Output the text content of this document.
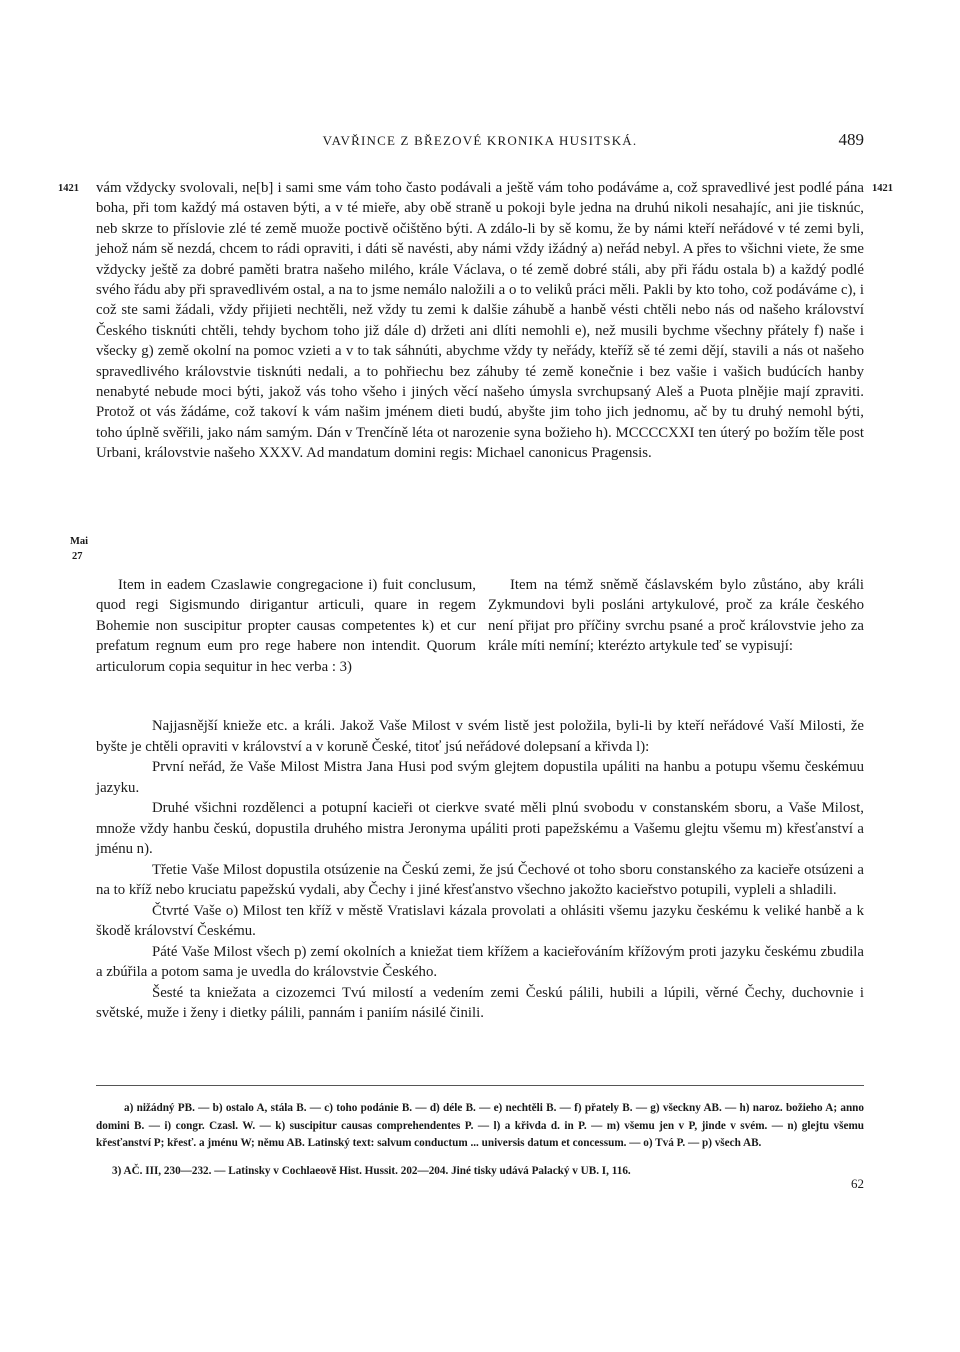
VAVŘINCE Z BŘEZOVÉ KRONIKA HUSITSKÁ.	489
1421	1421
Mai
27

vám vždycky svolovali, ne[b] i sami sme vám toho často podávali a ještě vám toho podáváme a, což spravedlivé jest podlé pána boha, při tom každý má ostaven býti, a v té mieře, aby obě straně u pokoji byle jedna na druhú nikoli nesahajíc, ani jie tisknúc, neb skrze to příslovie zlé té země muože poctivě očištěno býti. A zdálo-li by sě komu, že by námi kteří neřádové v té zemi byli, jehož nám sě nezdá, chcem to rádi opraviti, i dáti sě navésti, aby námi vždy ižádný a) neřád nebyl. A přes to všichni viete, že sme vždycky ještě za dobré paměti bratra našeho milého, krále Václava, o té země dobré stáli, aby při řádu ostala b) a každý podlé svého řádu aby při spravedlivém ostal, a na to jsme nemálo naložili a o to veliků práci měli. Pakli by kto toho, což podáváme c), i což ste sami žádali, vždy přijieti nechtěli, než vždy tu zemi k dalšie záhubě a hanbě vésti chtěli nebo nás od našeho království Českého tisknúti chtěli, tehdy bychom toho již dále d) držeti ani dlíti nemohli e), než musili bychme všechny přátely f) naše i všecky g) země okolní na pomoc vzieti a v to tak sáhnúti, abychme vždy ty neřády, kteříž sě té zemi dějí, stavili a nás ot našeho spravedlivého královstvie tisknúti nedali, a to pohřiechu bez záhuby té země konečnie i bez vašie i vašich budúcích hanby nenabyté nebude moci býti, jakož vás toho všeho i jiných věcí našeho úmysla svrchupsaný Aleš a Puota plnějie mají zpraviti. Protož ot vás žádáme, což takoví k vám našim jménem dieti budú, abyšte jim toho jich jednomu, ač by tu druhý nemohl býti, toho úplně svěřili, jako nám samým. Dán v Trenčíně léta ot narozenie syna božieho h). MCCCCXXI ten úterý po božím těle post Urbani, královstvie našeho XXXV. Ad mandatum domini regis: Michael canonicus Pragensis.

Item in eadem Czaslawie congregacione i) fuit conclusum, quod regi Sigismundo dirigantur articuli, quare in regem Bohemie non suscipitur propter causas competentes k) et cur prefatum regnum eum pro rege habere non intendit. Quorum articulorum copia sequitur in hec verba : 3)

Item na témž sněmě čáslavském bylo zůstáno, aby králi Zykmundovi byli posláni artykulové, proč za krále českého není přijat pro příčiny svrchu psané a proč královstvie jeho za krále míti nemíní; kterézto artykule teď se vypisují:

Najjasnější knieže etc. a králi. Jakož Vaše Milost v svém listě jest položila, byli-li by kteří neřádové Vaší Milosti, že byšte je chtěli opraviti v království a v koruně České, titoť jsú neřádové dolepsaní a křivda l):

První neřád, že Vaše Milost Mistra Jana Husi pod svým glejtem dopustila upáliti na hanbu a potupu všemu českémuu jazyku.

Druhé všichni rozdělenci a potupní kacieři ot cierkve svaté měli plnú svobodu v constanském sboru, a Vaše Milost, množe vždy hanbu českú, dopustila druhého mistra Jeronyma upáliti proti papežskému a Vašemu glejtu všemu m) křesťanství a jménu n).

Třetie Vaše Milost dopustila otsúzenie na Českú zemi, že jsú Čechové ot toho sboru constanského za kacieře otsúzeni a na to kříž nebo kruciatu papežskú vydali, aby Čechy i jiné křesťanstvo všechno jakožto kacieřstvo potupili, vypleli a shladili.

Čtvrté Vaše o) Milost ten kříž v městě Vratislavi kázala provolati a ohlásiti všemu jazyku českému k veliké hanbě a k škodě království Českému.

Páté Vaše Milost všech p) zemí okolních a kniežat tiem křížem a kacieřováním křížovým proti jazyku českému zbudila a zbúřila a potom sama je uvedla do královstvie Českého.

Šesté ta kniežata a cizozemci Tvú milostí a vedením zemi Českú pálili, hubili a lúpili, věrné Čechy, duchovnie i světské, muže i ženy i dietky pálili, pannám i paniím násilé činili.

a) nižádný PB. — b) ostalo A, stála B. — c) toho podánie B. — d) déle B. — e) nechtěli B. — f) přately B. — g) všeckny AB. — h) naroz. božieho A; anno domini B. — i) congr. Czasl. W. — k) suscipitur causas comprehendentes P. — l) a křivda d. in P. — m) všemu jen v P, jinde v svém. — n) glejtu všemu křesťanství P; křesť. a jménu W; němu AB. Latinský text: salvum conductum ... universis datum et concessum. — o) Tvá P. — p) všech AB.

3) AČ. III, 230—232. — Latinsky v Cochlaeově Hist. Hussit. 202—204. Jiné tisky udává Palacký v UB. I, 116.

62
